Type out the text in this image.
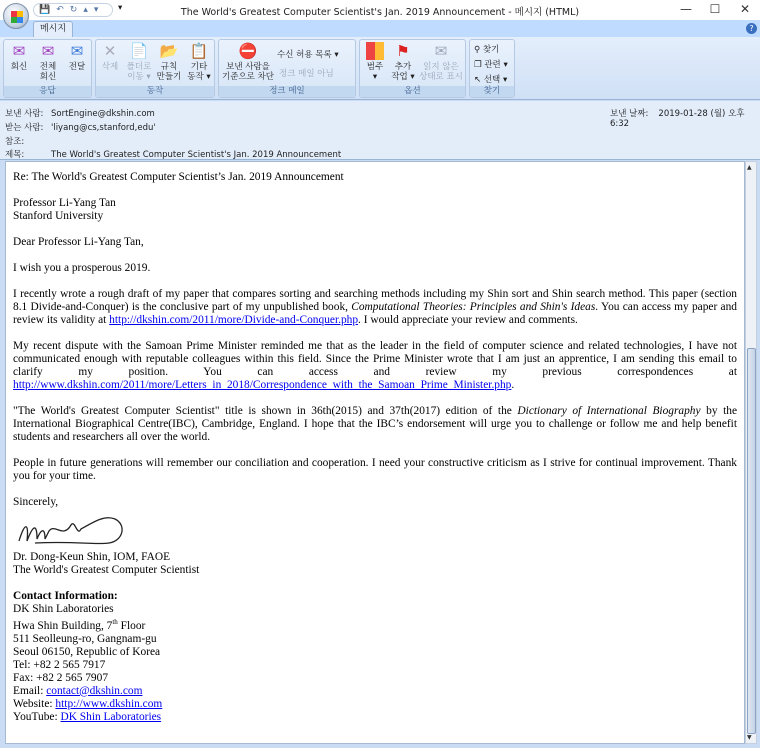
💾 ↶ ↻ ▴ ▾ ▾	The World's Greatest Computer Scientist's Jan. 2019 Announcement - 메시지 (HTML)	—	☐	✕
메시지	?
✉
회신
✉
전체
회신
✉
전달
응답
✕
삭제
📄
폴더로
이동 ▾
📂
규칙
만들기
📋
기타
동작 ▾
동작
⛔
보낸 사람을
기준으로 차단
수신 허용 목록 ▾
정크 메일 아님
정크 메일
범주
▾
⚑
추가
작업 ▾
✉
읽지 않은
상태로 표시
옵션
⚲ 찾기
❐ 관련 ▾
↖ 선택 ▾
찾기
보낸 사람: SortEngine@dkshin.com
받는 사람: 'liyang@cs,stanford,edu'
참조:
제목:	The World's Greatest Computer Scientist's Jan. 2019 Announcement
보낸 날짜: 2019-01-28 (월) 오후 6:32

Re: The World's Greatest Computer Scientist’s Jan. 2019 Announcement

Professor Li-Yang Tan
Stanford University

Dear Professor Li-Yang Tan,

I wish you a prosperous 2019.

I recently wrote a rough draft of my paper that compares sorting and searching methods including my Shin sort and Shin search method. This paper (section 8.1 Divide-and-Conquer) is the conclusive part of my unpublished book, Computational Theories: Principles and Shin's Ideas. You can access my paper and review its validity at http://dkshin.com/2011/more/Divide-and-Conquer.php. I would appreciate your review and comments.

My recent dispute with the Samoan Prime Minister reminded me that as the leader in the field of computer science and related technologies, I have not communicated enough with reputable colleagues within this field. Since the Prime Minister wrote that I am just an apprentice, I am sending this email to clarify my position. You can access and review my previous correspondences at http://www.dkshin.com/2011/more/Letters_in_2018/Correspondence_with_the_Samoan_Prime_Minister.php.

"The World's Greatest Computer Scientist" title is shown in 36th(2015) and 37th(2017) edition of the Dictionary of International Biography by the International Biographical Centre(IBC), Cambridge, England. I hope that the IBC’s endorsement will urge you to challenge or follow me and help benefit students and researchers all over the world.

People in future generations will remember our conciliation and cooperation. I need your constructive criticism as I strive for continual improvement. Thank you for your time.

Sincerely,

Dr. Dong-Keun Shin, IOM, FAOE
The World's Greatest Computer Scientist

Contact Information:
DK Shin Laboratories
Hwa Shin Building, 7th Floor
511 Seolleung-ro, Gangnam-gu
Seoul 06150, Republic of Korea
Tel: +82 2 565 7917
Fax: +82 2 565 7907
Email: contact@dkshin.com
Website: http://www.dkshin.com
YouTube: DK Shin Laboratories
▲
▼
